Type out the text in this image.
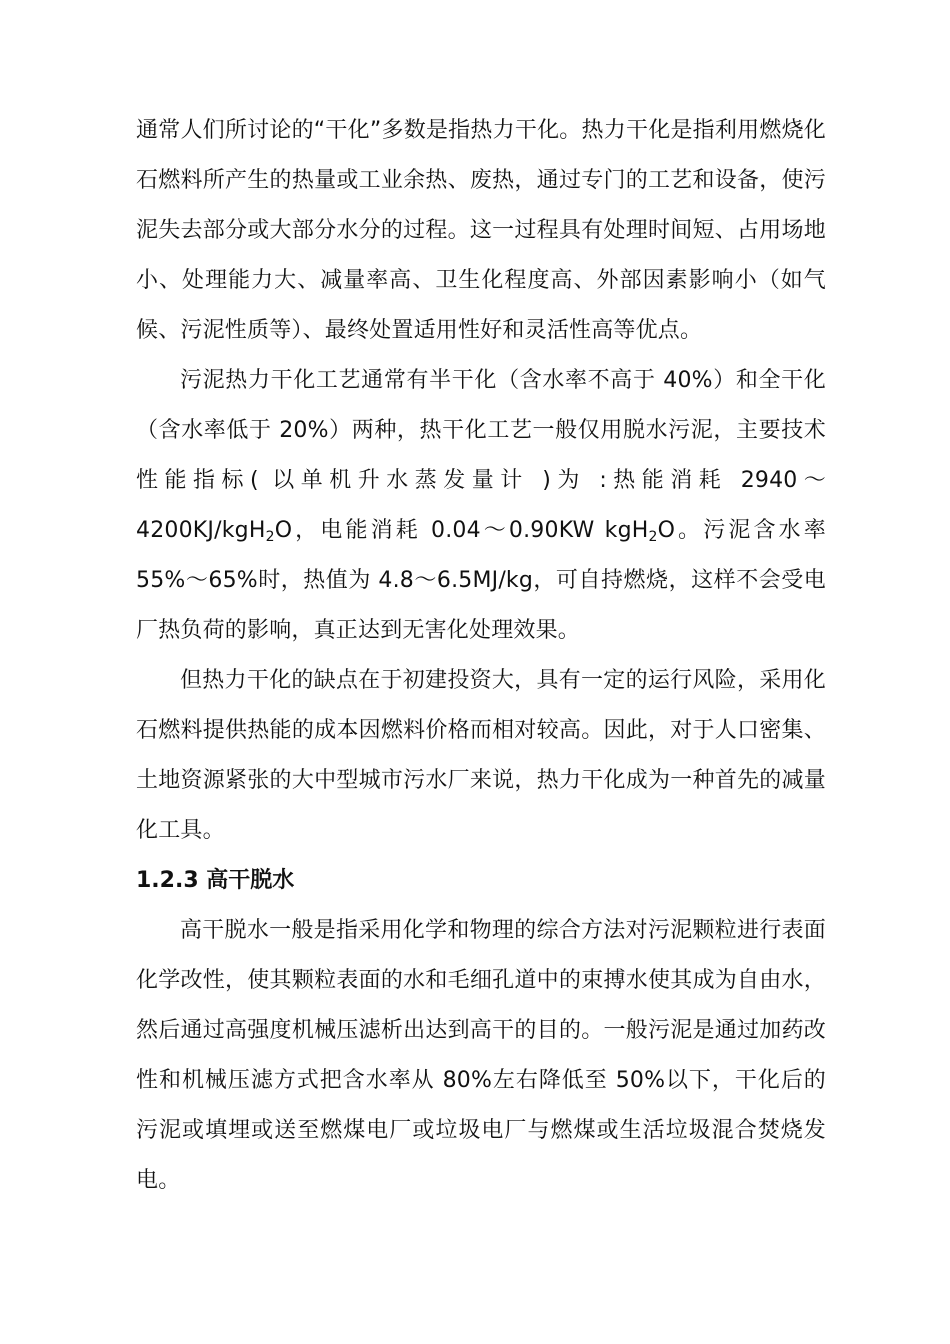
通常人们所讨论的“干化”多数是指热力干化。热力干化是指利用燃烧化石燃料所产生的热量或工业余热、废热，通过专门的工艺和设备，使污泥失去部分或大部分水分的过程。这一过程具有处理时间短、占用场地小、处理能力大、减量率高、卫生化程度高、外部因素影响小（如气候、污泥性质等）、最终处置适用性好和灵活性高等优点。

污泥热力干化工艺通常有半干化（含水率不高于 40%）和全干化（含水率低于 20%）两种，热干化工艺一般仅用脱水污泥，主要技术性能指标( 以单机升水蒸发量计 )为 :热能消耗 2940～4200KJ/kgH$_2$O，电能消耗 0.04～0.90KW kgH$_2$O。污泥含水率 55%～65%时，热值为 4.8～6.5MJ/kg，可自持燃烧，这样不会受电厂热负荷的影响，真正达到无害化处理效果。

但热力干化的缺点在于初建投资大，具有一定的运行风险，采用化石燃料提供热能的成本因燃料价格而相对较高。因此，对于人口密集、土地资源紧张的大中型城市污水厂来说，热力干化成为一种首先的减量化工具。

1.2.3 高干脱水

高干脱水一般是指采用化学和物理的综合方法对污泥颗粒进行表面化学改性，使其颗粒表面的水和毛细孔道中的束搏水使其成为自由水，然后通过高强度机械压滤析出达到高干的目的。一般污泥是通过加药改性和机械压滤方式把含水率从 80%左右降低至 50%以下，干化后的污泥或填埋或送至燃煤电厂或垃圾电厂与燃煤或生活垃圾混合焚烧发电。
